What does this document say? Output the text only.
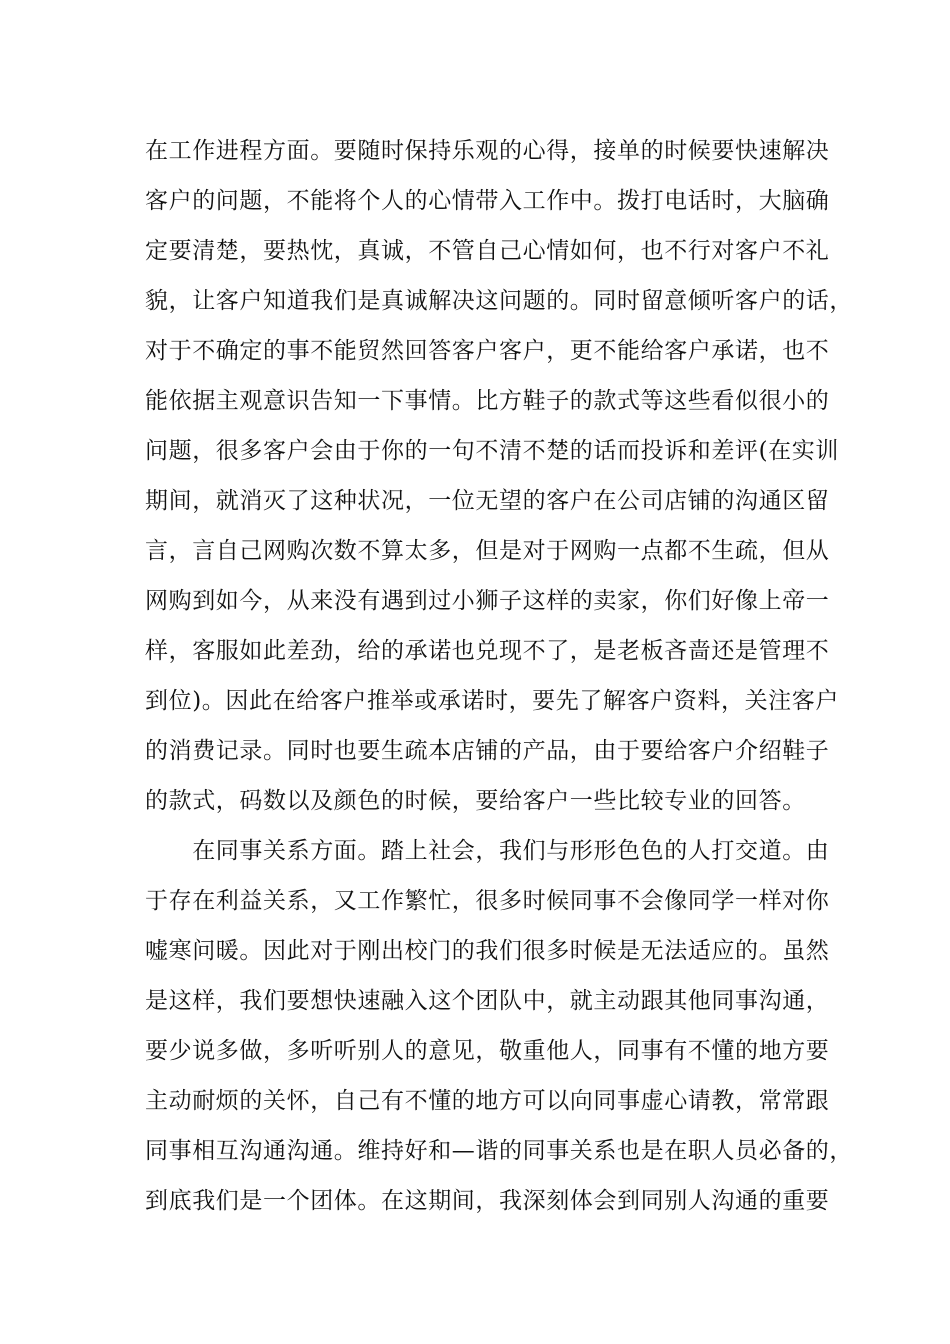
在工作进程方面。要随时保持乐观的心得，接单的时候要快速解决
客户的问题，不能将个人的心情带入工作中。拨打电话时，大脑确
定要清楚，要热忱，真诚，不管自己心情如何，也不行对客户不礼
貌，让客户知道我们是真诚解决这问题的。同时留意倾听客户的话，
对于不确定的事不能贸然回答客户客户，更不能给客户承诺，也不
能依据主观意识告知一下事情。比方鞋子的款式等这些看似很小的
问题，很多客户会由于你的一句不清不楚的话而投诉和差评(在实训
期间，就消灭了这种状况，一位无望的客户在公司店铺的沟通区留
言，言自己网购次数不算太多，但是对于网购一点都不生疏，但从
网购到如今，从来没有遇到过小狮子这样的卖家，你们好像上帝一
样，客服如此差劲，给的承诺也兑现不了，是老板吝啬还是管理不
到位)。因此在给客户推举或承诺时，要先了解客户资料，关注客户
的消费记录。同时也要生疏本店铺的产品，由于要给客户介绍鞋子
的款式，码数以及颜色的时候，要给客户一些比较专业的回答。
　　在同事关系方面。踏上社会，我们与形形色色的人打交道。由
于存在利益关系，又工作繁忙，很多时候同事不会像同学一样对你
嘘寒问暖。因此对于刚出校门的我们很多时候是无法适应的。虽然
是这样，我们要想快速融入这个团队中，就主动跟其他同事沟通，
要少说多做，多听听别人的意见，敬重他人，同事有不懂的地方要
主动耐烦的关怀，自己有不懂的地方可以向同事虚心请教，常常跟
同事相互沟通沟通。维持好和—谐的同事关系也是在职人员必备的，
到底我们是一个团体。在这期间，我深刻体会到同别人沟通的重要
